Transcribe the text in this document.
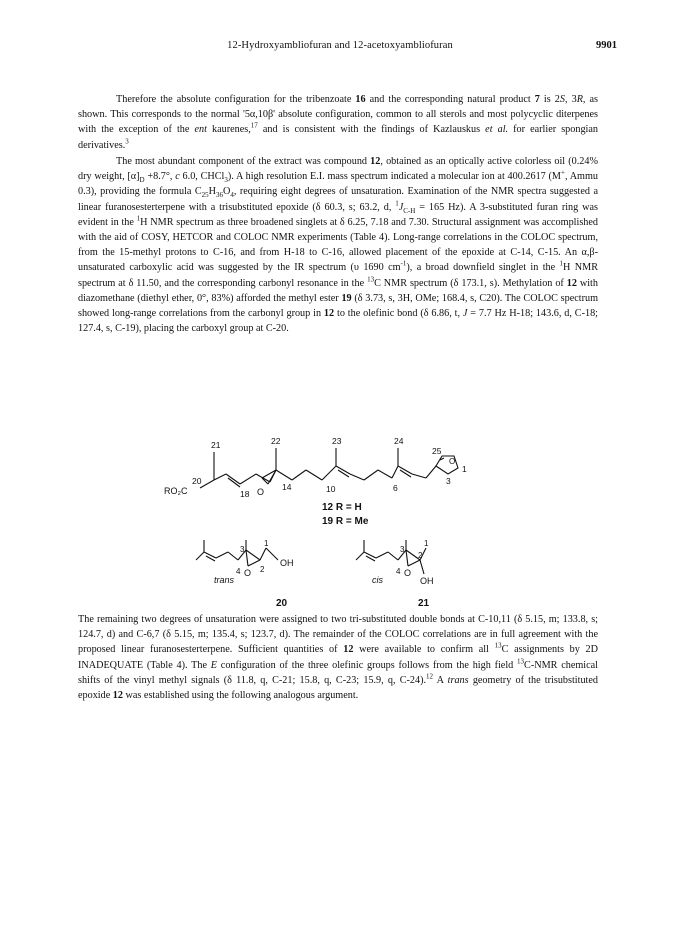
12-Hydroxyambliofuran and 12-acetoxyambliofuran	9901

Therefore the absolute configuration for the tribenzoate 16 and the corresponding natural product 7 is 2S, 3R, as shown. This corresponds to the normal '5α,10β' absolute configuration, common to all sterols and most polycyclic diterpenes with the exception of the ent kaurenes,$^{17}$ and is consistent with the findings of Kazlauskus et al. for earlier spongian derivatives.$^3$

The most abundant component of the extract was compound 12, obtained as an optically active colorless oil (0.24% dry weight, $[\alpha]_D +8.7^\circ$, c 6.0, CHCl$_3$). A high resolution E.I. mass spectrum indicated a molecular ion at 400.2617 (M+, Ammu 0.3), providing the formula $C_{25}H_{36}O_4$, requiring eight degrees of unsaturation. Examination of the NMR spectra suggested a linear furanosesterterpene with a trisubstituted epoxide (δ 60.3, s; 63.2, d, $^1J_{C-H} = 165$ Hz). A 3-substituted furan ring was evident in the $^1$H NMR spectrum as three broadened singlets at δ 6.25, 7.18 and 7.30. Structural assignment was accomplished with the aid of COSY, HETCOR and COLOC NMR experiments (Table 4). Long-range correlations in the COLOC spectrum, from the 15-methyl protons to C-16, and from H-18 to C-16, allowed placement of the epoxide at C-14, C-15. An α,β-unsaturated carboxylic acid was suggested by the IR spectrum (υ 1690 $cm^{-1}$), a broad downfield singlet in the $^1$H NMR spectrum at δ 11.50, and the corresponding carbonyl resonance in the $^{13}$C NMR spectrum (δ 173.1, s). Methylation of 12 with diazomethane (diethyl ether, 0°, 83%) afforded the methyl ester 19 (δ 3.73, s, 3H, OMe; 168.4, s, C20). The COLOC spectrum showed long-range correlations from the carbonyl group in 12 to the olefinic bond (δ 6.86, t, J = 7.7 Hz H-18; 143.6, d, C-18; 127.4, s, C-19), placing the carboxyl group at C-20.

21	22	23	24
25
20
RO₂C	18 O 14	10	6
3
1
O
12 R = H
19 R = Me
3
1
4 O 2
OH
trans
20
3
1
4 O
2
OH
cis
21

The remaining two degrees of unsaturation were assigned to two tri-substituted double bonds at C-10,11 (δ 5.15, m; 133.8, s; 124.7, d) and C-6,7 (δ 5.15, m; 135.4, s; 123.7, d). The remainder of the COLOC correlations are in full agreement with the proposed linear furanosesterterpene. Sufficient quantities of 12 were available to confirm all $^{13}$C assignments by 2D INADEQUATE (Table 4). The E configuration of the three olefinic groups follows from the high field $^{13}$C-NMR chemical shifts of the vinyl methyl signals (δ 11.8, q, C-21; 15.8, q, C-23; 15.9, q, C-24).$^{12}$ A trans geometry of the trisubstituted epoxide 12 was established using the following analogous argument.
